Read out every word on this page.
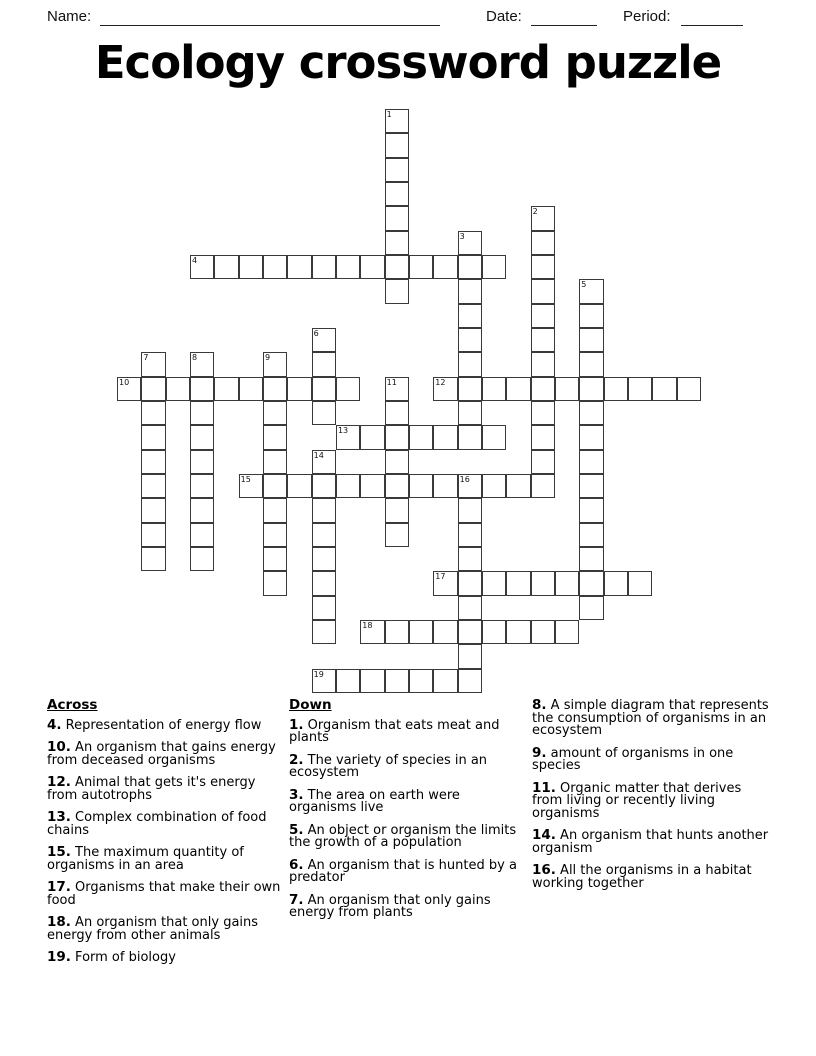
Name:	Date:	Period:
Ecology crossword puzzle
1
2
3
4
5
6
7	8	9
10	11	12
13
14
15	16
17
18
19
Across
4. Representation of energy flow
10. An organism that gains energy from deceased organisms
12. Animal that gets it's energy from autotrophs
13. Complex combination of food chains
15. The maximum quantity of organisms in an area
17. Organisms that make their own food
18. An organism that only gains energy from other animals
19. Form of biology
Down
1. Organism that eats meat and plants
2. The variety of species in an ecosystem
3. The area on earth were organisms live
5. An object or organism the limits the growth of a population
6. An organism that is hunted by a predator
7. An organism that only gains energy from plants
8. A simple diagram that represents the consumption of organisms in an ecosystem
9. amount of organisms in one species
11. Organic matter that derives from living or recently living organisms
14. An organism that hunts another organism
16. All the organisms in a habitat working together
